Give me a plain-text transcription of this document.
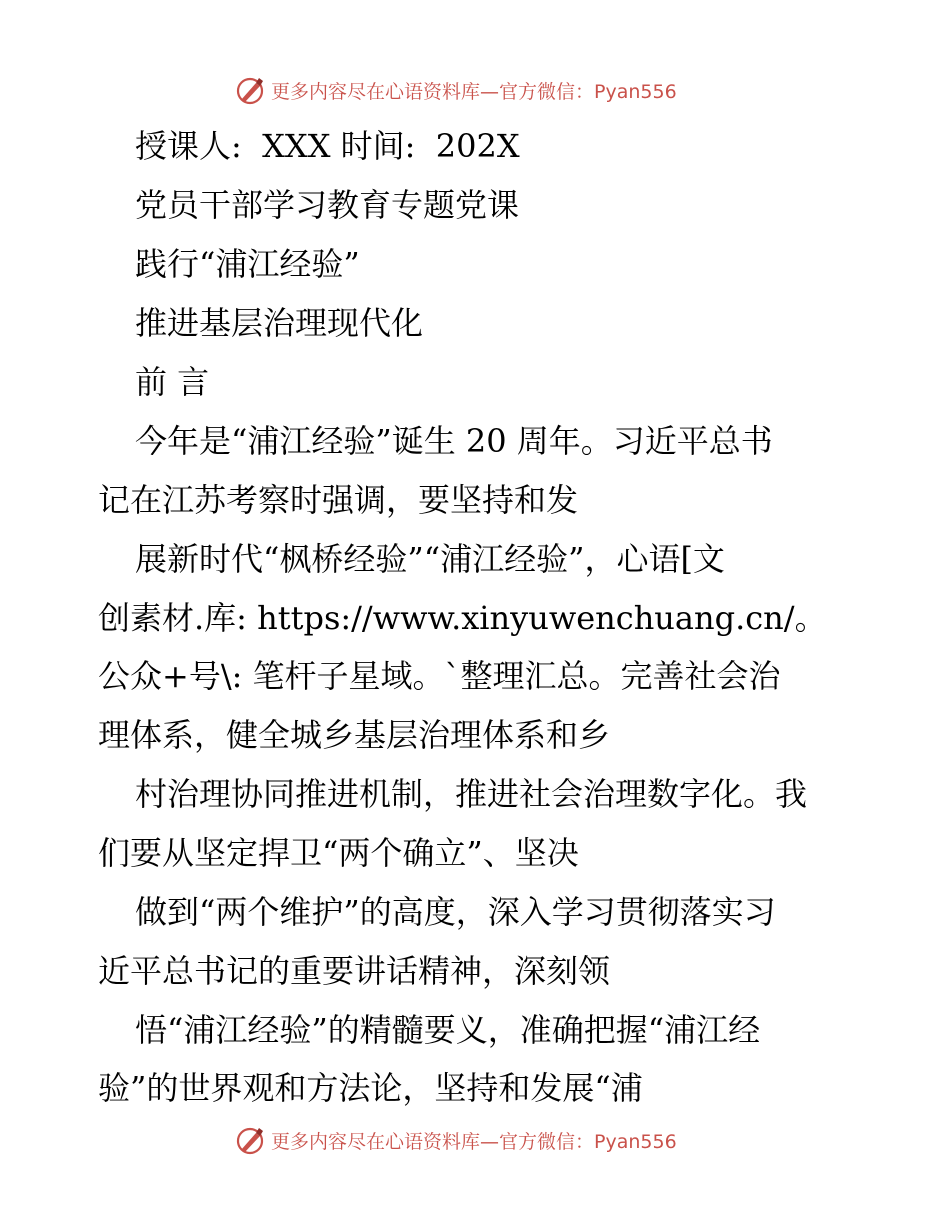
更多内容尽在心语资料库—官方微信：Pyan556
授课人:  XXX 时间:  202X
党员干部学习教育专题党课
践行“浦江经验”
推进基层治理现代化
前 言
今年是“浦江经验”诞生 20 周年。习近平总书
记在江苏考察时强调，要坚持和发
展新时代“枫桥经验”“浦江经验”，心语[文
创素材.库: https://www.xinyuwenchuang.cn/。
公众+号\: 笔杆子星域。`整理汇总。完善社会治
理体系，健全城乡基层治理体系和乡
村治理协同推进机制，推进社会治理数字化。我
们要从坚定捍卫“两个确立”、坚决
做到“两个维护”的高度，深入学习贯彻落实习
近平总书记的重要讲话精神，深刻领
悟“浦江经验”的精髓要义，准确把握“浦江经
验”的世界观和方法论，坚持和发展“浦
更多内容尽在心语资料库—官方微信：Pyan556
